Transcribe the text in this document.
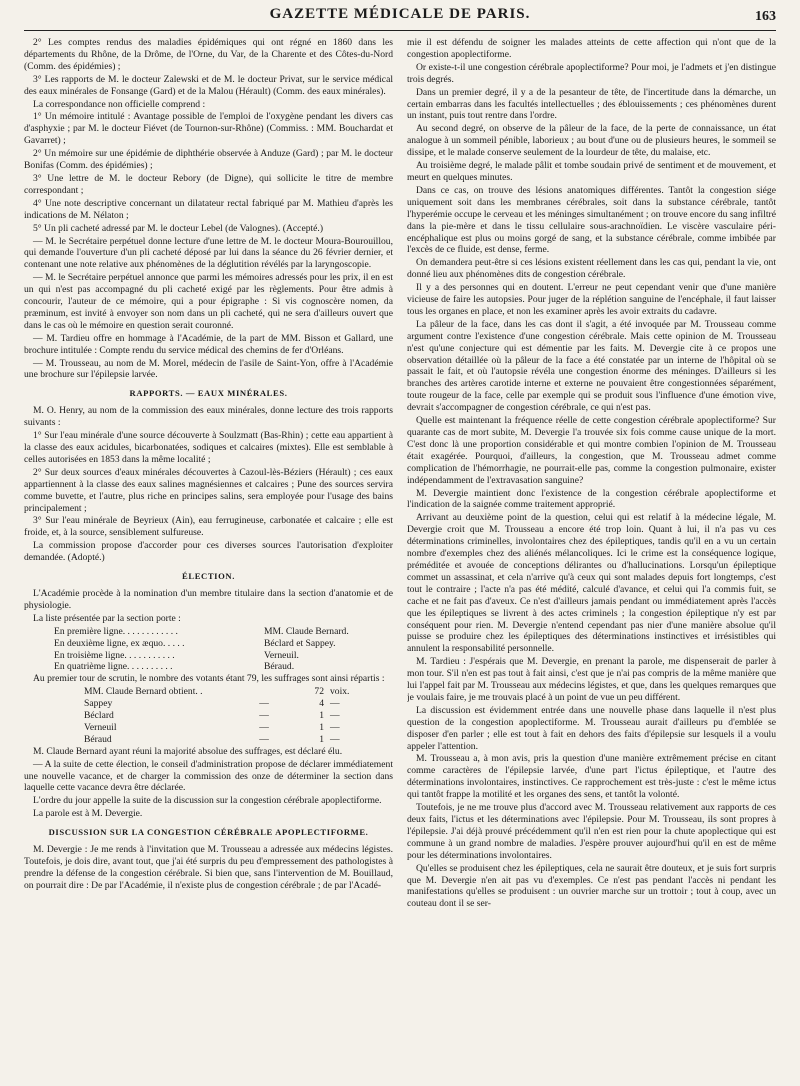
GAZETTE MÉDICALE DE PARIS.	163

2° Les comptes rendus des maladies épidémiques qui ont régné en 1860 dans les départements du Rhône, de la Drôme, de l'Orne, du Var, de la Charente et des Côtes-du-Nord (Comm. des épidémies) ;

3° Les rapports de M. le docteur Zalewski et de M. le docteur Privat, sur le service médical des eaux minérales de Fonsange (Gard) et de la Malou (Hérault) (Comm. des eaux minérales).

La correspondance non officielle comprend :

1° Un mémoire intitulé : Avantage possible de l'emploi de l'oxygène pendant les divers cas d'asphyxie ; par M. le docteur Fiévet (de Tournon-sur-Rhône) (Commiss. : MM. Bouchardat et Gavarret) ;

2° Un mémoire sur une épidémie de diphthérie observée à Anduze (Gard) ; par M. le docteur Bonifas (Comm. des épidémies) ;

3° Une lettre de M. le docteur Rebory (de Digne), qui sollicite le titre de membre correspondant ;

4° Une note descriptive concernant un dilatateur rectal fabriqué par M. Mathieu d'après les indications de M. Nélaton ;

5° Un pli cacheté adressé par M. le docteur Lebel (de Valognes). (Accepté.)

— M. le Secrétaire perpétuel donne lecture d'une lettre de M. le docteur Moura-Bourouillou, qui demande l'ouverture d'un pli cacheté déposé par lui dans la séance du 26 février dernier, et contenant une note relative aux phénomènes de la déglutition révélés par la laryngoscopie.

— M. le Secrétaire perpétuel annonce que parmi les mémoires adressés pour les prix, il en est un qui n'est pas accompagné du pli cacheté exigé par les règlements. Pour être admis à concourir, l'auteur de ce mémoire, qui a pour épigraphe : Si vis cognoscère nomen, da præminum, est invité à envoyer son nom dans un pli cacheté, qui ne sera d'ailleurs ouvert que dans le cas où le mémoire en question serait couronné.

— M. Tardieu offre en hommage à l'Académie, de la part de MM. Bisson et Gallard, une brochure intitulée : Compte rendu du service médical des chemins de fer d'Orléans.

— M. Trousseau, au nom de M. Morel, médecin de l'asile de Saint-Yon, offre à l'Académie une brochure sur l'épilepsie larvée.

RAPPORTS. — EAUX MINÉRALES.

M. O. Henry, au nom de la commission des eaux minérales, donne lecture des trois rapports suivants :

1° Sur l'eau minérale d'une source découverte à Soulzmatt (Bas-Rhin) ; cette eau appartient à la classe des eaux acidules, bicarbonatées, sodiques et calcaires (mixtes). Elle est semblable à celles autorisées en 1853 dans la même localité ;

2° Sur deux sources d'eaux minérales découvertes à Cazoul-lès-Béziers (Hérault) ; ces eaux appartiennent à la classe des eaux salines magnésiennes et calcaires ; Pune des sources servira comme buvette, et l'autre, plus riche en principes salins, sera employée pour l'usage des bains principalement ;

3° Sur l'eau minérale de Beyrieux (Ain), eau ferrugineuse, carbonatée et calcaire ; elle est froide, et, à la source, sensiblement sulfureuse.

La commission propose d'accorder pour ces diverses sources l'autorisation d'exploiter demandée. (Adopté.)

ÉLECTION.

L'Académie procède à la nomination d'un membre titulaire dans la section d'anatomie et de physiologie.

La liste présentée par la section porte :

En première ligne. . . . . . . . . . . .	MM. Claude Bernard.
En deuxième ligne, ex æquo. . . . .	Béclard et Sappey.
En troisième ligne. . . . . . . . . . .	Verneuil.
En quatrième ligne. . . . . . . . . .	Béraud.

Au premier tour de scrutin, le nombre des votants étant 79, les suffrages sont ainsi répartis :

MM. Claude Bernard obtient. .	72 voix.
Sappey	—	4 —
Béclard	—	1 —
Verneuil	—	1 —
Béraud	—	1 —

M. Claude Bernard ayant réuni la majorité absolue des suffrages, est déclaré élu.

— A la suite de cette élection, le conseil d'administration propose de déclarer immédiatement une nouvelle vacance, et de charger la commission des onze de déterminer la section dans laquelle cette vacance devra être déclarée.

L'ordre du jour appelle la suite de la discussion sur la congestion cérébrale apoplectiforme.

La parole est à M. Devergie.

DISCUSSION SUR LA CONGESTION CÉRÉBRALE APOPLECTIFORME.

M. Devergie : Je me rends à l'invitation que M. Trousseau a adressée aux médecins légistes. Toutefois, je dois dire, avant tout, que j'ai été surpris du peu d'empressement des pathologistes à prendre la défense de la congestion cérébrale. Si bien que, sans l'intervention de M. Bouillaud, on pourrait dire : De par l'Académie, il n'existe plus de congestion cérébrale ; de par l'Acadé-

mie il est défendu de soigner les malades atteints de cette affection qui n'ont que de la congestion apoplectiforme.

Or existe-t-il une congestion cérébrale apoplectiforme? Pour moi, je l'admets et j'en distingue trois degrés.

Dans un premier degré, il y a de la pesanteur de tête, de l'incertitude dans la démarche, un certain embarras dans les facultés intellectuelles ; des éblouissements ; ces phénomènes durent un instant, puis tout rentre dans l'ordre.

Au second degré, on observe de la pâleur de la face, de la perte de connaissance, un état analogue à un sommeil pénible, laborieux ; au bout d'une ou de plusieurs heures, le sommeil se dissipe, et le malade conserve seulement de la lourdeur de tête, du malaise, etc.

Au troisième degré, le malade pâlit et tombe soudain privé de sentiment et de mouvement, et meurt en quelques minutes.

Dans ce cas, on trouve des lésions anatomiques différentes. Tantôt la congestion siége uniquement soit dans les membranes cérébrales, soit dans la substance cérébrale, tantôt l'hyperémie occupe le cerveau et les méninges simultanément ; on trouve encore du sang infiltré dans la pie-mère et dans le tissu cellulaire sous-arachnoïdien. Le viscère vasculaire péri-encéphalique est plus ou moins gorgé de sang, et la substance cérébrale, comme imbibée par l'excès de ce fluide, est dense, ferme.

On demandera peut-être si ces lésions existent réellement dans les cas qui, pendant la vie, ont donné lieu aux phénomènes dits de congestion cérébrale.

Il y a des personnes qui en doutent. L'erreur ne peut cependant venir que d'une manière vicieuse de faire les autopsies. Pour juger de la réplétion sanguine de l'encéphale, il faut laisser tous les organes en place, et non les examiner après les avoir extraits du cadavre.

La pâleur de la face, dans les cas dont il s'agit, a été invoquée par M. Trousseau comme argument contre l'existence d'une congestion cérébrale. Mais cette opinion de M. Trousseau n'est qu'une conjecture qui est démentie par les faits. M. Devergie cite à ce propos une observation détaillée où la pâleur de la face a été constatée par un interne de l'hôpital où se passait le fait, et où l'autopsie révéla une congestion énorme des méninges. D'ailleurs si les branches des artères carotide interne et externe ne pouvaient être congestionnées séparément, toute rougeur de la face, celle par exemple qui se produit sous l'influence d'une émotion vive, devrait s'accompagner de congestion cérébrale, ce qui n'est pas.

Quelle est maintenant la fréquence réelle de cette congestion cérébrale apoplectiforme? Sur quarante cas de mort subite, M. Devergie l'a trouvée six fois comme cause unique de la mort. C'est donc là une proportion considérable et qui montre combien l'opinion de M. Trousseau était exagérée. Pourquoi, d'ailleurs, la congestion, que M. Trousseau admet comme complication de l'hémorrhagie, ne pourrait-elle pas, comme la congestion pulmonaire, exister indépendamment de l'extravasation sanguine?

M. Devergie maintient donc l'existence de la congestion cérébrale apoplectiforme et l'indication de la saignée comme traitement approprié.

Arrivant au deuxième point de la question, celui qui est relatif à la médecine légale, M. Devergie croit que M. Trousseau a encore été trop loin. Quant à lui, il n'a pas vu ces déterminations criminelles, involontaires chez des épileptiques, tandis qu'il en a vu un certain nombre d'exemples chez des aliénés mélancoliques. Ici le crime est la conséquence logique, préméditée et avouée de conceptions délirantes ou d'hallucinations. Lorsqu'un épileptique commet un assassinat, et cela n'arrive qu'à ceux qui sont malades depuis fort longtemps, c'est tout le contraire ; l'acte n'a pas été médité, calculé d'avance, et celui qui l'a commis fuit, se cache et ne fait pas d'aveux. Ce n'est d'ailleurs jamais pendant ou immédiatement après l'accès que les épileptiques se livrent à des actes criminels ; la congestion épileptique n'y est par conséquent pour rien. M. Devergie n'entend cependant pas nier d'une manière absolue qu'il puisse se produire chez les épileptiques des déterminations instinctives et irrésistibles qui annulent la responsabilité personnelle.

M. Tardieu : J'espérais que M. Devergie, en prenant la parole, me dispenserait de parler à mon tour. S'il n'en est pas tout à fait ainsi, c'est que je n'ai pas compris de la même manière que lui l'appel fait par M. Trousseau aux médecins légistes, et que, dans les quelques remarques que je voulais faire, je me trouvais placé à un point de vue un peu différent.

La discussion est évidemment entrée dans une nouvelle phase dans laquelle il n'est plus question de la congestion apoplectiforme. M. Trousseau aurait d'ailleurs pu d'emblée se disposer d'en parler ; elle est tout à fait en dehors des faits d'épilepsie sur lesquels il a voulu appeler l'attention.

M. Trousseau a, à mon avis, pris la question d'une manière extrêmement précise en citant comme caractères de l'épilepsie larvée, d'une part l'ictus épileptique, et l'autre des déterminations involontaires, instinctives. Ce rapprochement est très-juste : c'est le même ictus qui tantôt frappe la motilité et les organes des sens, et tantôt la volonté.

Toutefois, je ne me trouve plus d'accord avec M. Trousseau relativement aux rapports de ces deux faits, l'ictus et les déterminations avec l'épilepsie. Pour M. Trousseau, ils sont propres à l'épilepsie. J'ai déjà prouvé précédemment qu'il n'en est rien pour la chute apoplectique qui est commune à un grand nombre de maladies. J'espère prouver aujourd'hui qu'il en est de même pour les déterminations involontaires.

Qu'elles se produisent chez les épileptiques, cela ne saurait être douteux, et je suis fort surpris que M. Devergie n'en ait pas vu d'exemples. Ce n'est pas pendant l'accès ni pendant les manifestations qu'elles se produisent : un ouvrier marche sur un trottoir ; tout à coup, avec un couteau dont il se ser-
